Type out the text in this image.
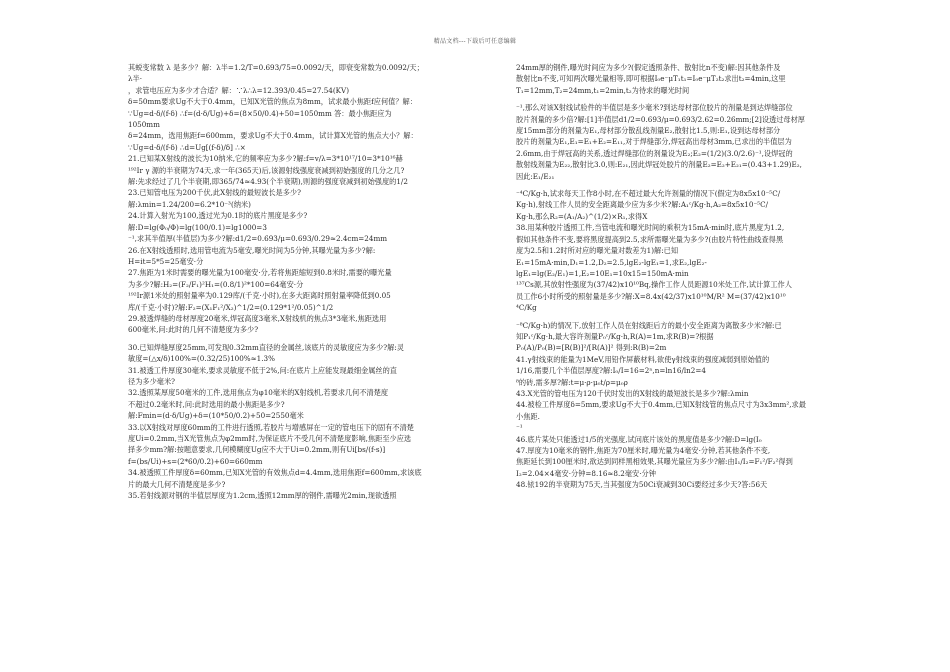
精品文档---下载后可任意编辑

其蜕变常数 λ 是多少？解：λ半=1.2/T=0.693/75=0.0092/天，即衰变常数为0.0092/天；λ半·

，求管电压应为多少才合适？解：∵λ∴λ=12.393/0.45=27.54(KV)

δ=50mm要求Ug不大于0.4mm，已知X光管的焦点为8mm，试求最小焦距f应何值？解：

∵Ug=d·δ/(f-δ) ∴f=(d·δ/Ug)+δ=(8×50/0.4)+50=1050mm 答：最小焦距应为

1050mm

δ=24mm，选用焦距f=600mm，要求Ug不大于0.4mm，试计算X光管的焦点大小？解：

∵Ug=d·δ/(f-δ) ∴d=Ug[(f-δ)/δ] ∴×

21.已知某X射线的波长为10纳米,它的频率应为多少?解:f=v/λ=3*10¹⁷/10=3*10¹⁶赫

¹⁹²Ir γ 源的半衰期为74天,求一年(365天)后,该源射线强度衰减到初始强度的几分之几?

解:先求经过了几个半衰期,即365/74≈4.93(个半衰期),则源的强度衰减到初始强度的1/2

23.已知管电压为200千伏,此X射线的最短波长是多少?

解:λmin=1.24/200=6.2*10⁻³(纳米)

24.计算入射光为100,透过光为0.1时的底片黑度是多少?

解:D=lg(Φ₀/Φ)=lg(100/0.1)=lg1000=3

⁻¹,求其半值厚(半值层)为多少?解:d1/2=0.693/μ=0.693/0.29≈2.4cm=24mm

26.在X射线透照时,选用管电流为5毫安,曝光时间为5分钟,其曝光量为多少?解:

H=it=5*5=25毫安·分

27.焦距为1米时需要的曝光量为100毫安·分,若将焦距缩短到0.8米时,需要的曝光量

为多少?解:H₂=(F₂/F₁)²H₁=(0.8/1)²*100=64毫安·分

¹⁹²Ir源1米处的照射量率为0.129库/(千克·小时),在多大距离时照射量率降低到0.05

库/(千克·小时)?解:F₂=(X₁F₁²/X₂)^1/2=(0.129*1²/0.05)^1/2

29.被透焊缝的母材厚度20毫米,焊冠高度3毫米,X射线机的焦点3*3毫米,焦距选用

600毫米,问:此时的几何不清楚度为多少?

30.已知焊缝厚度25mm,可发现0.32mm直径的金属丝,该底片的灵敏度应为多少?解:灵

敏度=(△x/δ)100%=(0.32/25)100%≈1.3%

31.被透工件厚度30毫米,要求灵敏度不低于2%,问:在底片上应能发现最细金属丝的直

径为多少毫米?

32.透照某厚度50毫米的工件,选用焦点为φ10毫米的X射线机,若要求几何不清楚度

不超过0.2毫米时,问:此时选用的最小焦距是多少?

解:Fmin=(d·δ/Ug)+δ=(10*50/0.2)+50=2550毫米

33.以X射线对厚度60mm的工件进行透照,若胶片与增感屏在一定的管电压下的固有不清楚

度Ui=0.2mm,当X光管焦点为φ2mm时,为保证底片不受几何不清楚度影响,焦距至少应选

择多少mm?解:按题意要求,几何模糊度Ug应不大于Ui=0.2mm,则有Ui[bs/(f-s)]

f=(bs/Ui)+s=(2*60/0.2)+60=660mm

34.被透照工件厚度δ=60mm,已知X光管的有效焦点d=4.4mm,选用焦距f=600mm,求该底

片的最大几何不清楚度是多少?

35.若射线源对钢的半值层厚度为1.2cm,透照12mm厚的钢件,需曝光2min,现欲透照

24mm厚的钢件,曝光时间应为多少?(假定透照条件、散射比n不变)解:因其他条件及

散射比n不变,可知两次曝光量相等,即可根据I₀e⁻μT₁t₁=I₀e⁻μT₂t₂求出t₂=4min,这里

T₁=12mm,T₂=24mm,t₁=2min,t₂为待求的曝光时间

⁻¹,那么对该X射线试验件的半值层是多少毫米?到达母材部位胶片的剂量是到达焊缝部位

胶片剂量的多少倍?解:[1]半值层d1/2=0.693/μ=0.693/2.62=0.26mm;[2]设透过母材厚

度15mm部分的剂量为E₁,母材部分散乱线剂量E₂,散射比1.5,则:E₁,设到达母材部分

胶片的剂量为E₁,E₁=E₁+E₂=E₁₁,对于焊缝部分,焊冠高出母材3mm,已求出的半值层为

2.6mm,由于焊冠高的关系,透过焊缝部位的剂量设为E₂;E₂=(1/2)(3.0/2.6)⁻¹,设焊冠的

散射线剂量为E₂₂,散射比3.0,则:E₂₁,因此焊冠处胶片的剂量E₂=E₂+E₂₁=(0.43+1.29)E₂,

因此:E₁/E₂₁

⁻⁴C/Kg·h,试求每天工作8小时,在不超过最大允许剂量的情况下(假定为8x5x10⁻⁵C/

Kg·h),射线工作人员的安全距离最少应为多少米?解:A₁ᶜ/Kg·h,A₂=8x5x10⁻⁵C/

Kg·h,那么R₂=(A₁/A₂)^(1/2)×R₁,求得X

38.用某种胶片透照工件,当管电流和曝光时间的乘积为15mA·min时,底片黑度为1.2,

假如其他条件不变,要将黑度提高到2.5,求所需曝光量为多少?(由胶片特性曲线查得黑

度为2.5和1.2时所对应的曝光量对数差为1)解:已知

E₁=15mA·min,D₁=1.2,D₂=2.5,lgE₂-lgE₁=1,求E₂,lgE₂-

lgE₁=lg(E₂/E₁)=1,E₂=10E₁=10x15=150mA·min

¹³⁷Cs源,其放射性强度为(37/42)x10¹⁰Bq,操作工作人员距源10米处工作,试计算工作人

员工作6小时所受的照射量是多少?解:X=8.4x(42/37)x10¹⁰M/R² M=(37/42)x10¹⁰

⁴C/Kg

⁻⁸C/Kg·h)的情况下,放射工作人员在射线距后方的最小安全距离为离散多少米?解:已

知P₁ᶜ/Kg·h,最大容许剂量P₀ᶜ/Kg·h,R(A)=1m,求R(B)=?根据

P₀(A)/P₀(B)=[R(B)]²/[R(A)]² 得到:R(B)=2m

41.γ射线束的能量为1MeV,用铅作屏蔽材料,欲使γ射线束的强度减弱到原始值的

1/16,需要几个半值层厚度?解:I₀/I=16=2ⁿ,n=ln16/ln2=4

⁸的砖,需多厚?解:t=μ·ρ·μ₀t/ρ=μ₀ρ

43.X光管的管电压为120千伏时发出的X射线的最短波长是多少?解:λmin

44.被检工件厚度δ=5mm,要求Ug不大于0.4mm,已知X射线管的焦点尺寸为3x3mm²,求最

小焦距.

⁻¹

46.底片某处只能透过1/5的光强度,试问底片该处的黑度值是多少?解:D=lg(I₀

47.厚度为10毫米的钢件,焦距为70厘米时,曝光量为4毫安·分钟,若其他条件不变,

焦距延长到100厘米时,欲达到同样黑相效果,其曝光量应为多少?解:由I₁/I₂=F₁²/F₂²得到

I₂=2.04×4毫安·分钟=8.16≈8.2毫安·分钟

48.铱192的半衰期为75天,当其强度为50Ci衰减到30Ci要经过多少天?答:56天
